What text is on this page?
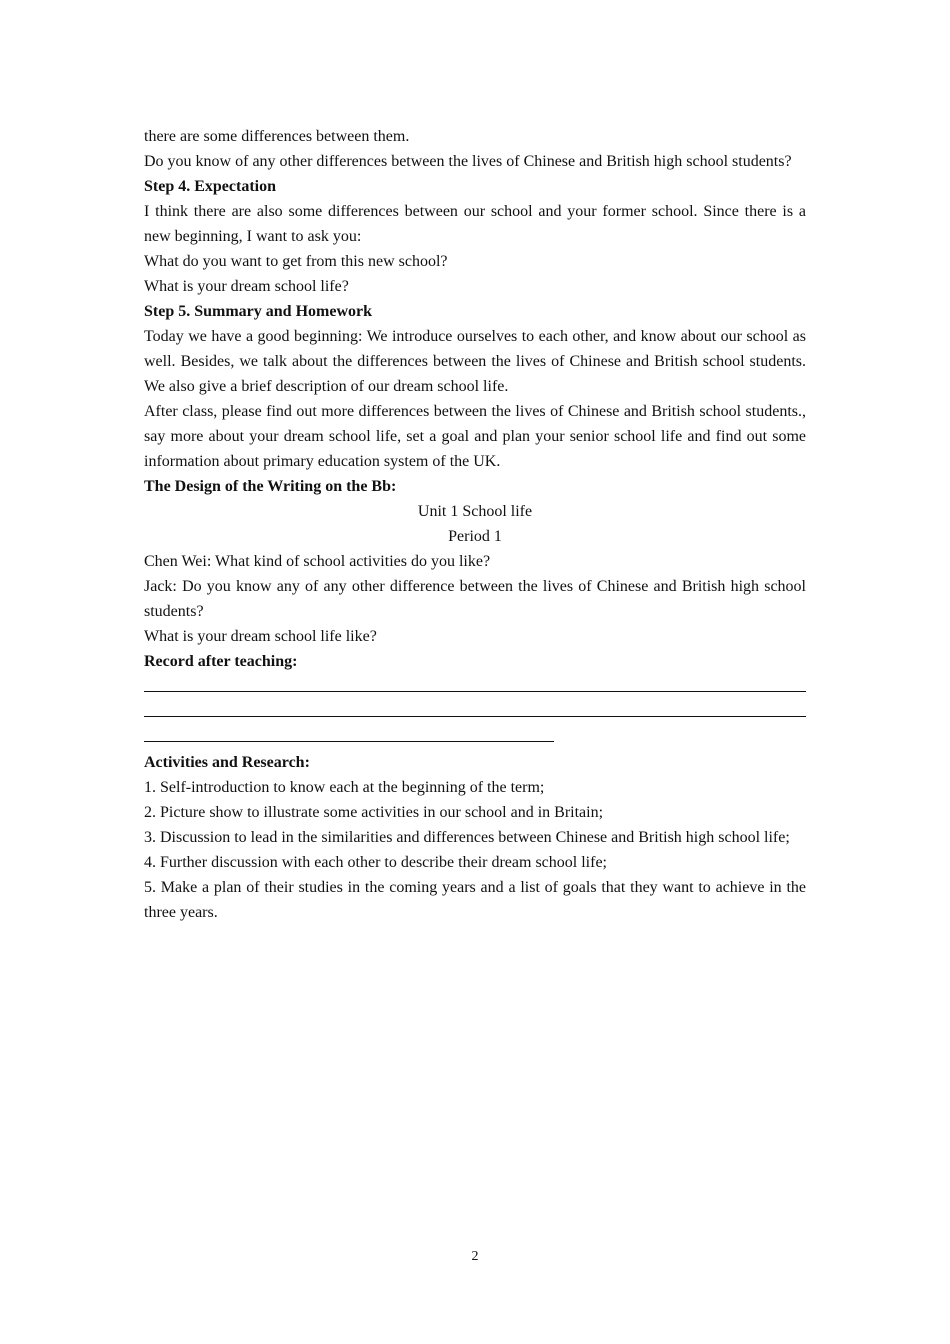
there are some differences between them.

Do you know of any other differences between the lives of Chinese and British high school students?

Step 4. Expectation

I think there are also some differences between our school and your former school. Since there is a new beginning, I want to ask you:

What do you want to get from this new school?

What is your dream school life?

Step 5. Summary and Homework

Today we have a good beginning: We introduce ourselves to each other, and know about our school as well. Besides, we talk about the differences between the lives of Chinese and British school students. We also give a brief description of our dream school life.

After class, please find out more differences between the lives of Chinese and British school students., say more about your dream school life, set a goal and plan your senior school life and find out some information about primary education system of the UK.

The Design of the Writing on the Bb:

Unit 1 School life

Period 1

Chen Wei: What kind of school activities do you like?

Jack: Do you know any of any other difference between the lives of Chinese and British high school students?

What is your dream school life like?

Record after teaching:

Activities and Research:

1. Self-introduction to know each at the beginning of the term;

2. Picture show to illustrate some activities in our school and in Britain;

3. Discussion to lead in the similarities and differences between Chinese and British high school life;

4. Further discussion with each other to describe their dream school life;

5. Make a plan of their studies in the coming years and a list of goals that they want to achieve in the three years.

2
